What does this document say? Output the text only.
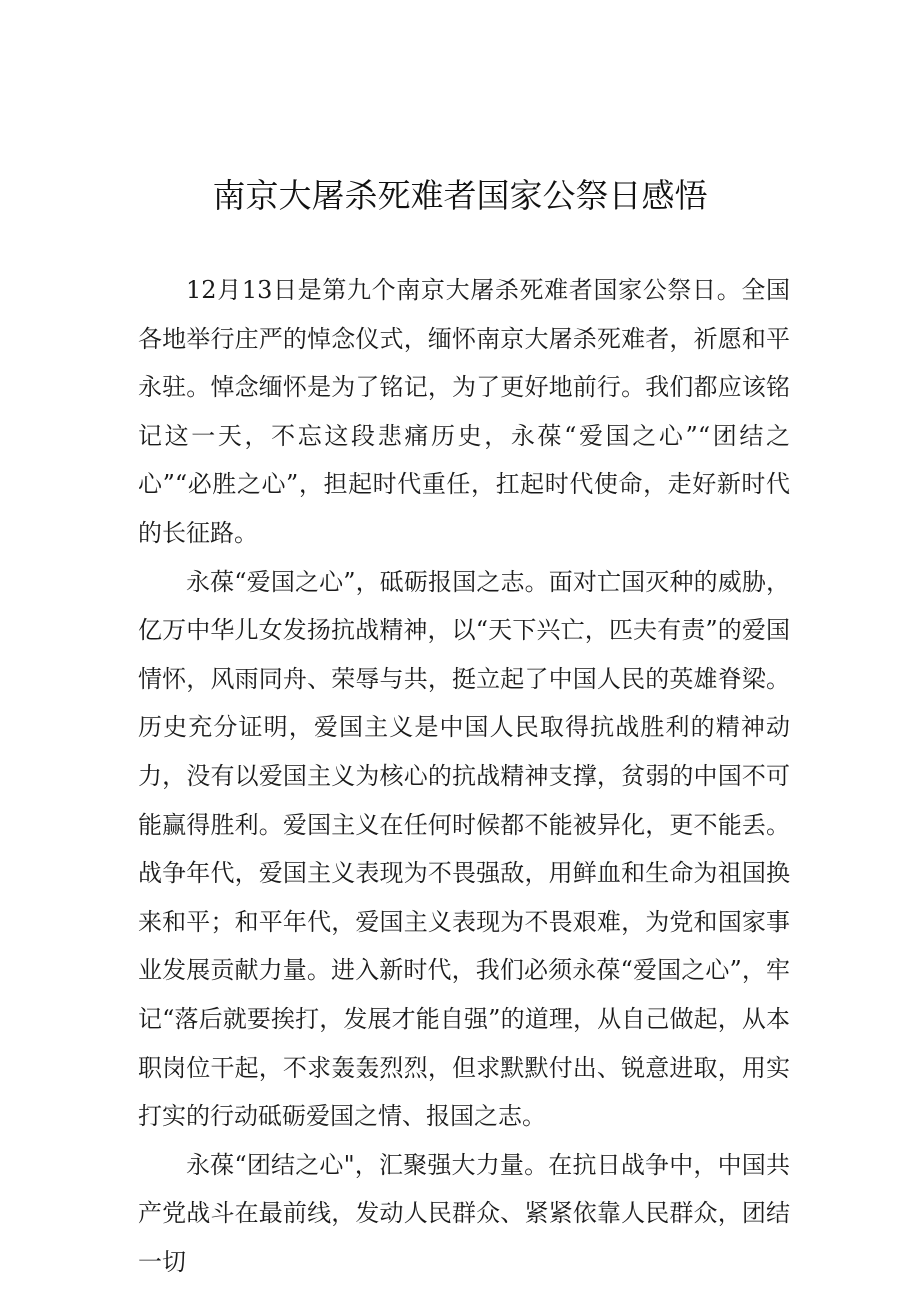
南京大屠杀死难者国家公祭日感悟

12月13日是第九个南京大屠杀死难者国家公祭日。全国各地举行庄严的悼念仪式，缅怀南京大屠杀死难者，祈愿和平永驻。悼念缅怀是为了铭记，为了更好地前行。我们都应该铭记这一天，不忘这段悲痛历史，永葆“爱国之心”“团结之心”“必胜之心”，担起时代重任，扛起时代使命，走好新时代的长征路。

永葆“爱国之心”，砥砺报国之志。面对亡国灭种的威胁，亿万中华儿女发扬抗战精神，以“天下兴亡，匹夫有责”的爱国情怀，风雨同舟、荣辱与共，挺立起了中国人民的英雄脊梁。历史充分证明，爱国主义是中国人民取得抗战胜利的精神动力，没有以爱国主义为核心的抗战精神支撑，贫弱的中国不可能赢得胜利。爱国主义在任何时候都不能被异化，更不能丢。战争年代，爱国主义表现为不畏强敌，用鲜血和生命为祖国换来和平；和平年代，爱国主义表现为不畏艰难，为党和国家事业发展贡献力量。进入新时代，我们必须永葆“爱国之心”，牢记“落后就要挨打，发展才能自强”的道理，从自己做起，从本职岗位干起，不求轰轰烈烈，但求默默付出、锐意进取，用实打实的行动砥砺爱国之情、报国之志。

永葆“团结之心"，汇聚强大力量。在抗日战争中，中国共产党战斗在最前线，发动人民群众、紧紧依靠人民群众，团结一切
